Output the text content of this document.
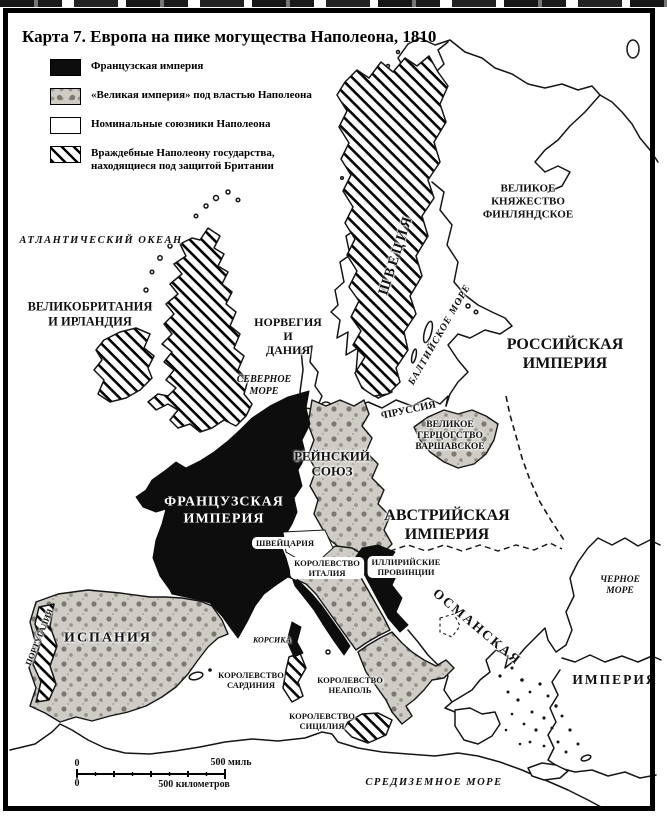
Карта 7. Европа на пике могущества Наполеона, 1810
Французская империя
«Великая империя» под властью Наполеона
Номинальные союзники Наполеона
Враждебные Наполеону государства,
находящиеся под защитой Британии
АТЛАНТИЧЕСКИЙ ОКЕАН
ВЕЛИКОБРИТАНИЯ
И ИРЛАНДИЯ	НОРВЕГИЯ
И
ДАНИЯ
СЕВЕРНОЕ
МОРЕ
ШВЕЦИЯ
БАЛТИЙСКОЕ МОРЕ
ВЕЛИКОЕ
КНЯЖЕСТВО
ФИНЛЯНДСКОЕ
РОССИЙСКАЯ
ИМПЕРИЯ
ПРУССИЯ
ВЕЛИКОЕ
ГЕРЦОГСТВО
ВАРШАВСКОЕ
РЕЙНСКИЙ
СОЮЗ
ФРАНЦУЗСКАЯ
ИМПЕРИЯ	АВСТРИЙСКАЯ
ИМПЕРИЯ
ШВЕЙЦАРИЯ
КОРОЛЕВСТВО
ИТАЛИЯ
ИЛЛИРИЙСКИЕ
ПРОВИНЦИИ
ИСПАНИЯ
ПОРТУГАЛИЯ	КОРСИКА
КОРОЛЕВСТВО
САРДИНИЯ
КОРОЛЕВСТВО
НЕАПОЛЬ
КОРОЛЕВСТВО
СИЦИЛИЯ
ОСМАНСКАЯ
ИМПЕРИЯ
ЧЕРНОЕ
МОРЕ
СРЕДИЗЕМНОЕ МОРЕ
0	500 миль
0	500 километров
